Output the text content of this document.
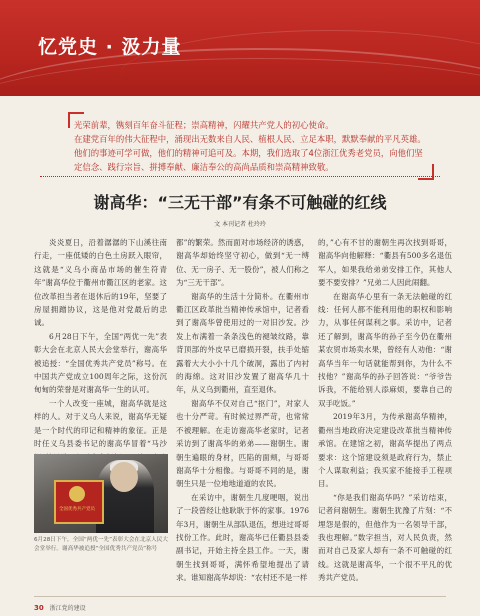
忆党史 · 汲力量

光荣前辈，镌刻百年奋斗征程；崇高精神，闪耀共产党人的初心使命。

在建党百年的伟大征程中，涌现出无数来自人民、植根人民、立足本职，默默奉献的平凡英雄。他们的事迹可学可做，他们的精神可追可及。本期，我们选取了4位浙江优秀老党员，向他们坚定信念、践行宗旨、拼搏奉献、廉洁奉公的高尚品质和崇高精神致敬。

谢高华：“三无干部”有条不可触碰的红线
文 本刊记者 杜玲玲

炎炎夏日，沿着潺潺的下山溪往南行走，一座低矮的白色土房跃入眼帘，这就是“义乌小商品市场的催生符青年”谢高华位于衢州市衢江区的老家。这位改革担当者在退休后的19年，坚要了房屋拥蹭协议，这是他对党最后的忠诚。

6月28日下午，全国“两优一先”表彰大会在北京人民大会堂举行，谢高华被追授：“全国优秀共产党员”称号。在中国共产党成立100周年之际，这份沉甸甸的荣誉是对谢高华一生的认可。

一个人改变一座城，谢高华就是这样的人。对于义乌人来说，谢高华无疑是一个时代的印记和精神的象征。正是时任义乌县委书记的谢高华冒着“马沙

全国优秀共产党员
6月28日下午，全国“两优一先”表彰大会在北京人民大会堂举行。谢高华被追授“全国优秀共产党员”称号

都”的繁荣。然而面对市场经济的诱惑，谢高华却始终坚守初心，做到“无一缚位、无一房子、无一股份”，被人们称之为“三无干部”。

谢高华的生活十分简朴。在衢州市衢江区政革批当精神传承馆中，记者看到了谢高华曾使用过的一对旧沙发。沙发上布满着一条条浅色的褪皱纹路，靠背顶部的外皮早已磨损开裂，扶手处缩露着大大小小十几个破洞，露出了内衬的海绵。这对旧沙发置了谢高华几十年，从义乌到衢州，直至退休。

谢高华不仅对自己“抠门”，对家人也十分严苛。有时候过界严苛，也常常不被理解。在走访谢高华老家时，记者采访到了谢高华的弟弟——谢朝生。谢朝生遍眼的身材，匹陷的面颊，与哥哥谢高华十分相像。与哥哥不同的是，谢朝生只是一位地地道道的农民。

在采访中，谢朝生几度哽咽，说出了一段曾经让他耿耿于怀的家事。1976年3月，谢朝生从部队退伍，想进过哥哥找份工作。此时，谢高华已任衢县县委副书记，开始主持全县工作。一天，谢朝生找到哥哥，满怀希望地提出了请求。谁知谢高华却说：“农村还不是一样

的，”心有不甘的谢朝生再次找到哥哥，谢高华向他解释：“衢县有500多名退伍军人，如果我给弟弟安排工作，其他人要不要安排？”兄弟二人因此闹翻。

在谢高华心里有一条无法触碰的红线：任何人都不能利用他的职权和影响力，从事任何谋利之事。采访中，记者还了解到，谢高华的孙子至今仍在衢州某农贸市场卖水果，曾经有人劝他：“谢高华当年一句话就能帮到你，为什么不找他？”谢高华的孙子回答说：“爷爷告诉我，不能给别人添麻烦，要靠自己的双手吃饭。”

2019年3月，为传承谢高华精神，衢州当地政府决定建设改革批当精神传承馆。在建馆之初，谢高华提出了两点要求：这个馆建设须是政府行为，禁止个人谋取利益；我买家不能接手工程项目。

“你是我们谢高华吗？”采访结束，记者问谢朝生。谢朝生犹豫了片刻：“不埋怨是假的，但他作为一名领导干部，我也理解。”数字担当，对人民负责，然而对自己及家人却有一条不可触碰的红线。这就是谢高华，一个很不平凡的优秀共产党员。

30 浙江党的建设
